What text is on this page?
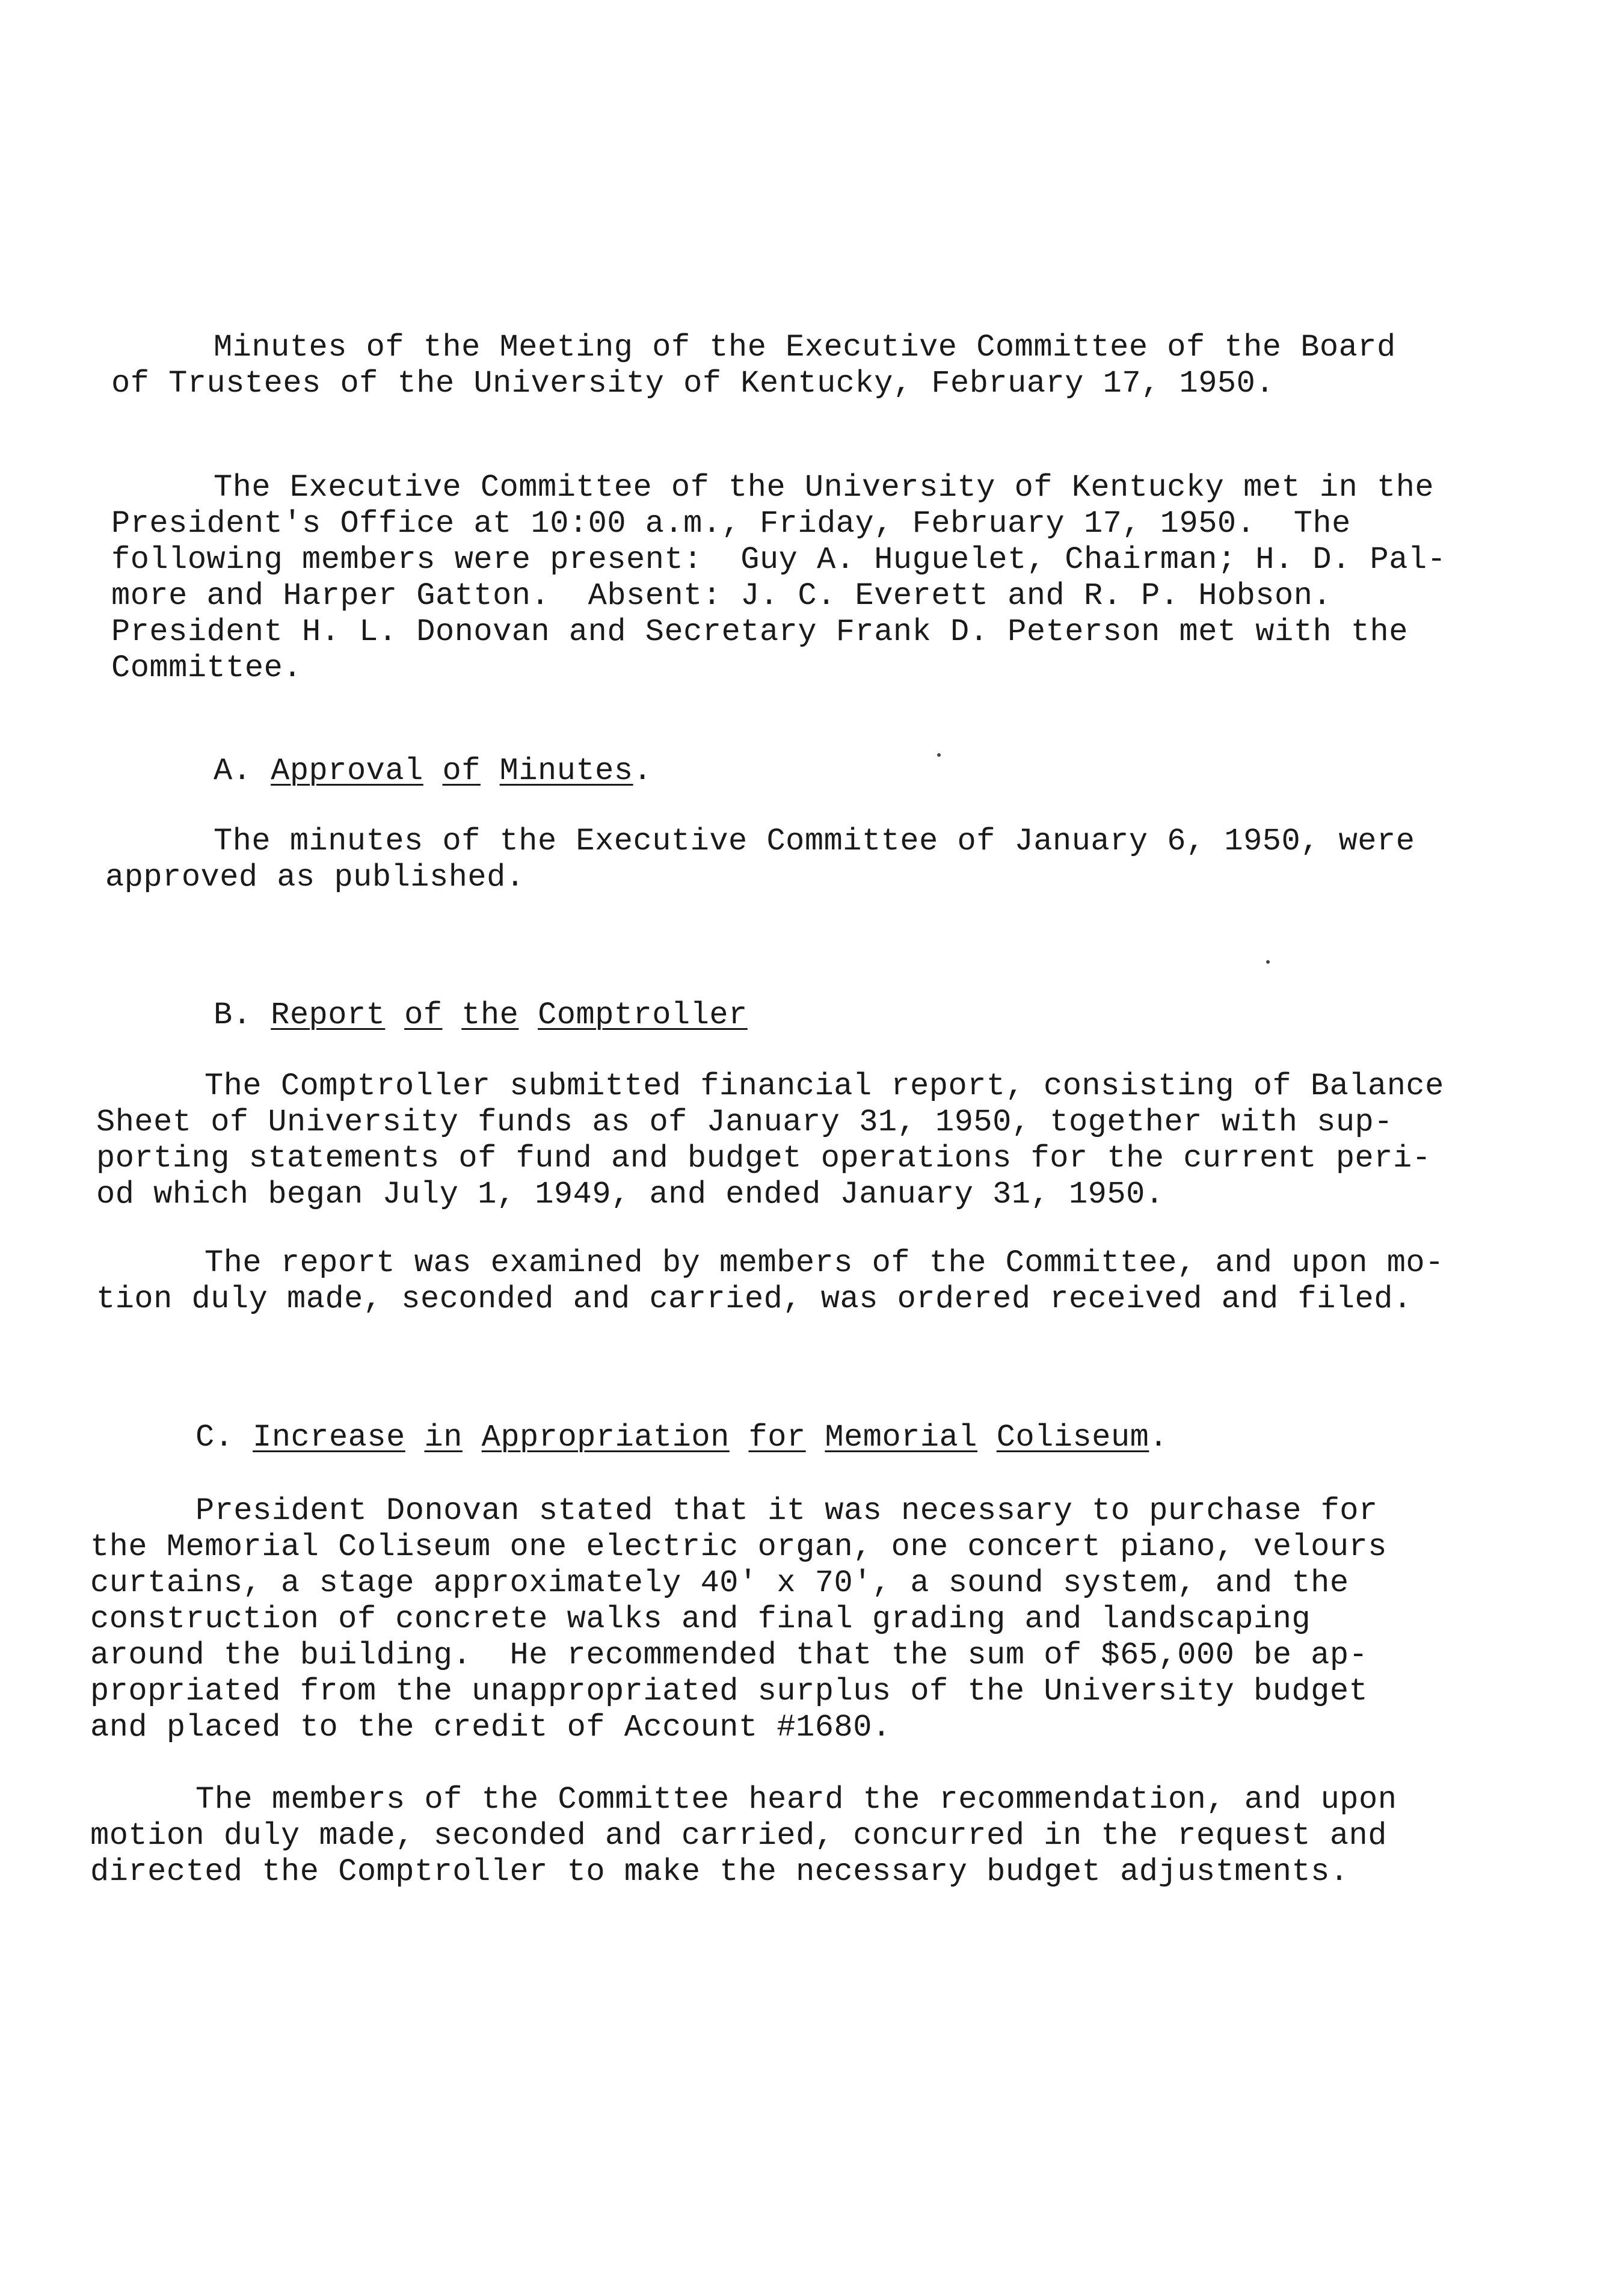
Minutes of the Meeting of the Executive Committee of the Board
of Trustees of the University of Kentucky, February 17, 1950.
The Executive Committee of the University of Kentucky met in the
President's Office at 10:00 a.m., Friday, February 17, 1950.  The
following members were present:  Guy A. Huguelet, Chairman; H. D. Pal-
more and Harper Gatton.  Absent: J. C. Everett and R. P. Hobson.
President H. L. Donovan and Secretary Frank D. Peterson met with the
Committee.
A. Approval of Minutes.
The minutes of the Executive Committee of January 6, 1950, were
approved as published.
B. Report of the Comptroller
The Comptroller submitted financial report, consisting of Balance
Sheet of University funds as of January 31, 1950, together with sup-
porting statements of fund and budget operations for the current peri-
od which began July 1, 1949, and ended January 31, 1950.
The report was examined by members of the Committee, and upon mo-
tion duly made, seconded and carried, was ordered received and filed.
C. Increase in Appropriation for Memorial Coliseum.
President Donovan stated that it was necessary to purchase for
the Memorial Coliseum one electric organ, one concert piano, velours
curtains, a stage approximately 40' x 70', a sound system, and the
construction of concrete walks and final grading and landscaping
around the building.  He recommended that the sum of $65,000 be ap-
propriated from the unappropriated surplus of the University budget
and placed to the credit of Account #1680.
The members of the Committee heard the recommendation, and upon
motion duly made, seconded and carried, concurred in the request and
directed the Comptroller to make the necessary budget adjustments.
